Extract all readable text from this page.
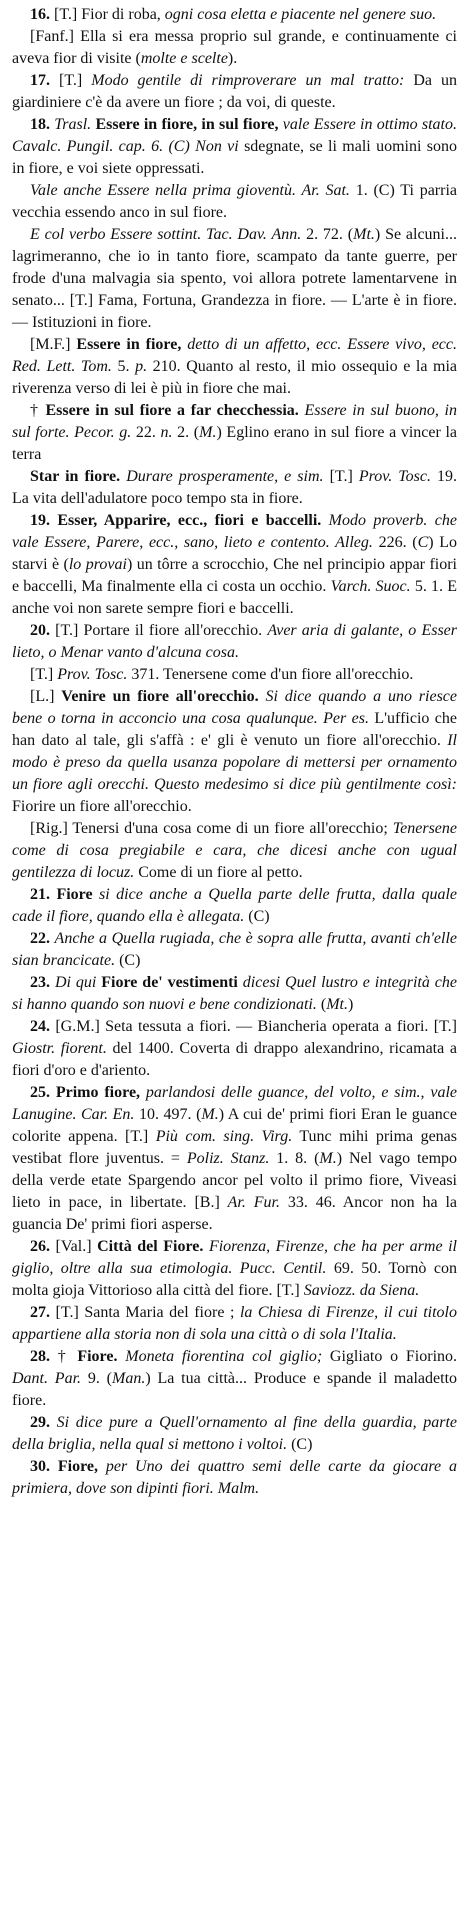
16. [T.] Fior di roba, ogni cosa eletta e piacente nel genere suo.

[Fanf.] Ella si era messa proprio sul grande, e continuamente ci aveva fior di visite (molte e scelte).

17. [T.] Modo gentile di rimproverare un mal tratto: Da un giardiniere c'è da avere un fiore ; da voi, di queste.

18. Trasl. Essere in fiore, in sul fiore, vale Essere in ottimo stato. Cavalc. Pungil. cap. 6. (C) Non vi sdegnate, se li mali uomini sono in fiore, e voi siete oppressati.

Vale anche Essere nella prima gioventù. Ar. Sat. 1. (C) Ti parria vecchia essendo anco in sul fiore.

E col verbo Essere sottint. Tac. Dav. Ann. 2. 72. (Mt.) Se alcuni... lagrimeranno, che io in tanto fiore, scampato da tante guerre, per frode d'una malvagia sia spento, voi allora potrete lamentarvene in senato... [T.] Fama, Fortuna, Grandezza in fiore. — L'arte è in fiore. — Istituzioni in fiore.

[M.F.] Essere in fiore, detto di un affetto, ecc. Essere vivo, ecc. Red. Lett. Tom. 5. p. 210. Quanto al resto, il mio ossequio e la mia riverenza verso di lei è più in fiore che mai.

† Essere in sul fiore a far checchessia. Essere in sul buono, in sul forte. Pecor. g. 22. n. 2. (M.) Eglino erano in sul fiore a vincer la terra

Star in fiore. Durare prosperamente, e sim. [T.] Prov. Tosc. 19. La vita dell'adulatore poco tempo sta in fiore.

19. Esser, Apparire, ecc., fiori e baccelli. Modo proverb. che vale Essere, Parere, ecc., sano, lieto e contento. Alleg. 226. (C) Lo starvi è (lo provai) un tôrre a scrocchio, Che nel principio appar fiori e baccelli, Ma finalmente ella ci costa un occhio. Varch. Suoc. 5. 1. E anche voi non sarete sempre fiori e baccelli.

20. [T.] Portare il fiore all'orecchio. Aver aria di galante, o Esser lieto, o Menar vanto d'alcuna cosa.

[T.] Prov. Tosc. 371. Tenersene come d'un fiore all'orecchio.

[L.] Venire un fiore all'orecchio. Si dice quando a uno riesce bene o torna in acconcio una cosa qualunque. Per es. L'ufficio che han dato al tale, gli s'affà : e' gli è venuto un fiore all'orecchio. Il modo è preso da quella usanza popolare di mettersi per ornamento un fiore agli orecchi. Questo medesimo si dice più gentilmente così: Fiorire un fiore all'orecchio.

[Rig.] Tenersi d'una cosa come di un fiore all'orecchio; Tenersene come di cosa pregiabile e cara, che dicesi anche con ugual gentilezza di locuz. Come di un fiore al petto.

21. Fiore si dice anche a Quella parte delle frutta, dalla quale cade il fiore, quando ella è allegata. (C)

22. Anche a Quella rugiada, che è sopra alle frutta, avanti ch'elle sian brancicate. (C)

23. Di qui Fiore de' vestimenti dicesi Quel lustro e integrità che si hanno quando son nuovi e bene condizionati. (Mt.)

24. [G.M.] Seta tessuta a fiori. — Biancheria operata a fiori. [T.] Giostr. fiorent. del 1400. Coverta di drappo alexandrino, ricamata a fiori d'oro e d'ariento.

25. Primo fiore, parlandosi delle guance, del volto, e sim., vale Lanugine. Car. En. 10. 497. (M.) A cui de' primi fiori Eran le guance colorite appena. [T.] Più com. sing. Virg. Tunc mihi prima genas vestibat flore juventus. = Poliz. Stanz. 1. 8. (M.) Nel vago tempo della verde etate Spargendo ancor pel volto il primo fiore, Viveasi lieto in pace, in libertate. [B.] Ar. Fur. 33. 46. Ancor non ha la guancia De' primi fiori asperse.

26. [Val.] Città del Fiore. Fiorenza, Firenze, che ha per arme il giglio, oltre alla sua etimologia. Pucc. Centil. 69. 50. Tornò con molta gioja Vittorioso alla città del fiore. [T.] Saviozz. da Siena.

27. [T.] Santa Maria del fiore ; la Chiesa di Firenze, il cui titolo appartiene alla storia non di sola una città o di sola l'Italia.

28. † Fiore. Moneta fiorentina col giglio; Gigliato o Fiorino. Dant. Par. 9. (Man.) La tua città... Produce e spande il maladetto fiore.

29. Si dice pure a Quell'ornamento al fine della guardia, parte della briglia, nella qual si mettono i voltoi. (C)

30. Fiore, per Uno dei quattro semi delle carte da giocare a primiera, dove son dipinti fiori. Malm.
